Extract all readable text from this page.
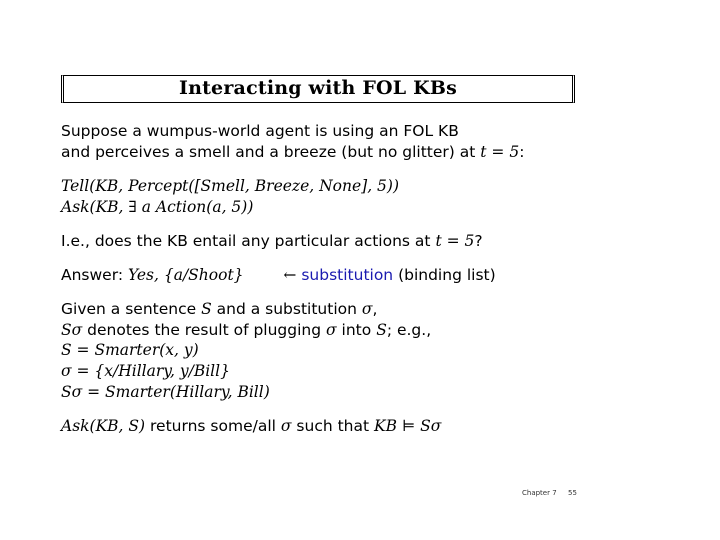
Interacting with FOL KBs
Suppose a wumpus-world agent is using an FOL KB
and perceives a smell and a breeze (but no glitter) at t = 5:
Tell(KB, Percept([Smell, Breeze, None], 5))
Ask(KB, ∃ a Action(a, 5))
I.e., does the KB entail any particular actions at t = 5?
Answer: Yes, {a/Shoot}	← substitution (binding list)
Given a sentence S and a substitution σ,
Sσ denotes the result of plugging σ into S; e.g.,
S = Smarter(x, y)
σ = {x/Hillary, y/Bill}
Sσ = Smarter(Hillary, Bill)
Ask(KB, S) returns some/all σ such that KB ⊨ Sσ
Chapter 7 55
